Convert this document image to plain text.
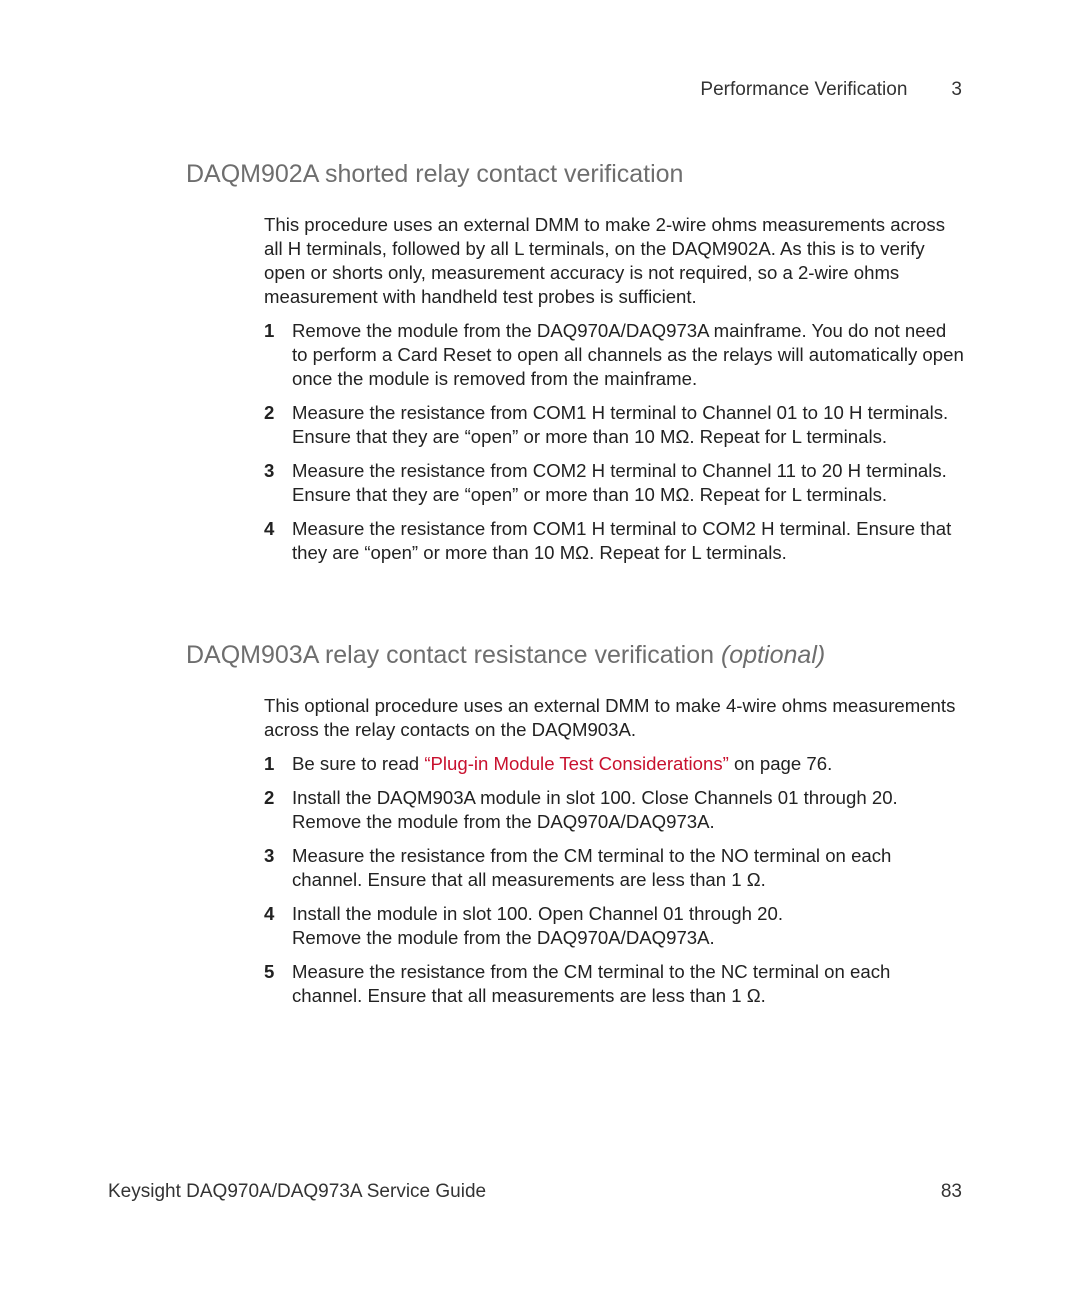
Performance Verification 3
DAQM902A shorted relay contact verification

This procedure uses an external DMM to make 2-wire ohms measurements across all H terminals, followed by all L terminals, on the DAQM902A. As this is to verify open or shorts only, measurement accuracy is not required, so a 2-wire ohms measurement with handheld test probes is sufficient.

1 Remove the module from the DAQ970A/DAQ973A mainframe. You do not need to perform a Card Reset to open all channels as the relays will automatically open once the module is removed from the mainframe.
2 Measure the resistance from COM1 H terminal to Channel 01 to 10 H terminals. Ensure that they are “open” or more than 10 MΩ. Repeat for L terminals.
3 Measure the resistance from COM2 H terminal to Channel 11 to 20 H terminals. Ensure that they are “open” or more than 10 MΩ. Repeat for L terminals.
4 Measure the resistance from COM1 H terminal to COM2 H terminal. Ensure that they are “open” or more than 10 MΩ. Repeat for L terminals.
DAQM903A relay contact resistance verification (optional)

This optional procedure uses an external DMM to make 4-wire ohms measurements across the relay contacts on the DAQM903A.

1 Be sure to read “Plug-in Module Test Considerations” on page 76.
2 Install the DAQM903A module in slot 100. Close Channels 01 through 20.
Remove the module from the DAQ970A/DAQ973A.
3 Measure the resistance from the CM terminal to the NO terminal on each
channel. Ensure that all measurements are less than 1 Ω.
4 Install the module in slot 100. Open Channel 01 through 20.
Remove the module from the DAQ970A/DAQ973A.
5 Measure the resistance from the CM terminal to the NC terminal on each
channel. Ensure that all measurements are less than 1 Ω.
Keysight DAQ970A/DAQ973A Service Guide	83
